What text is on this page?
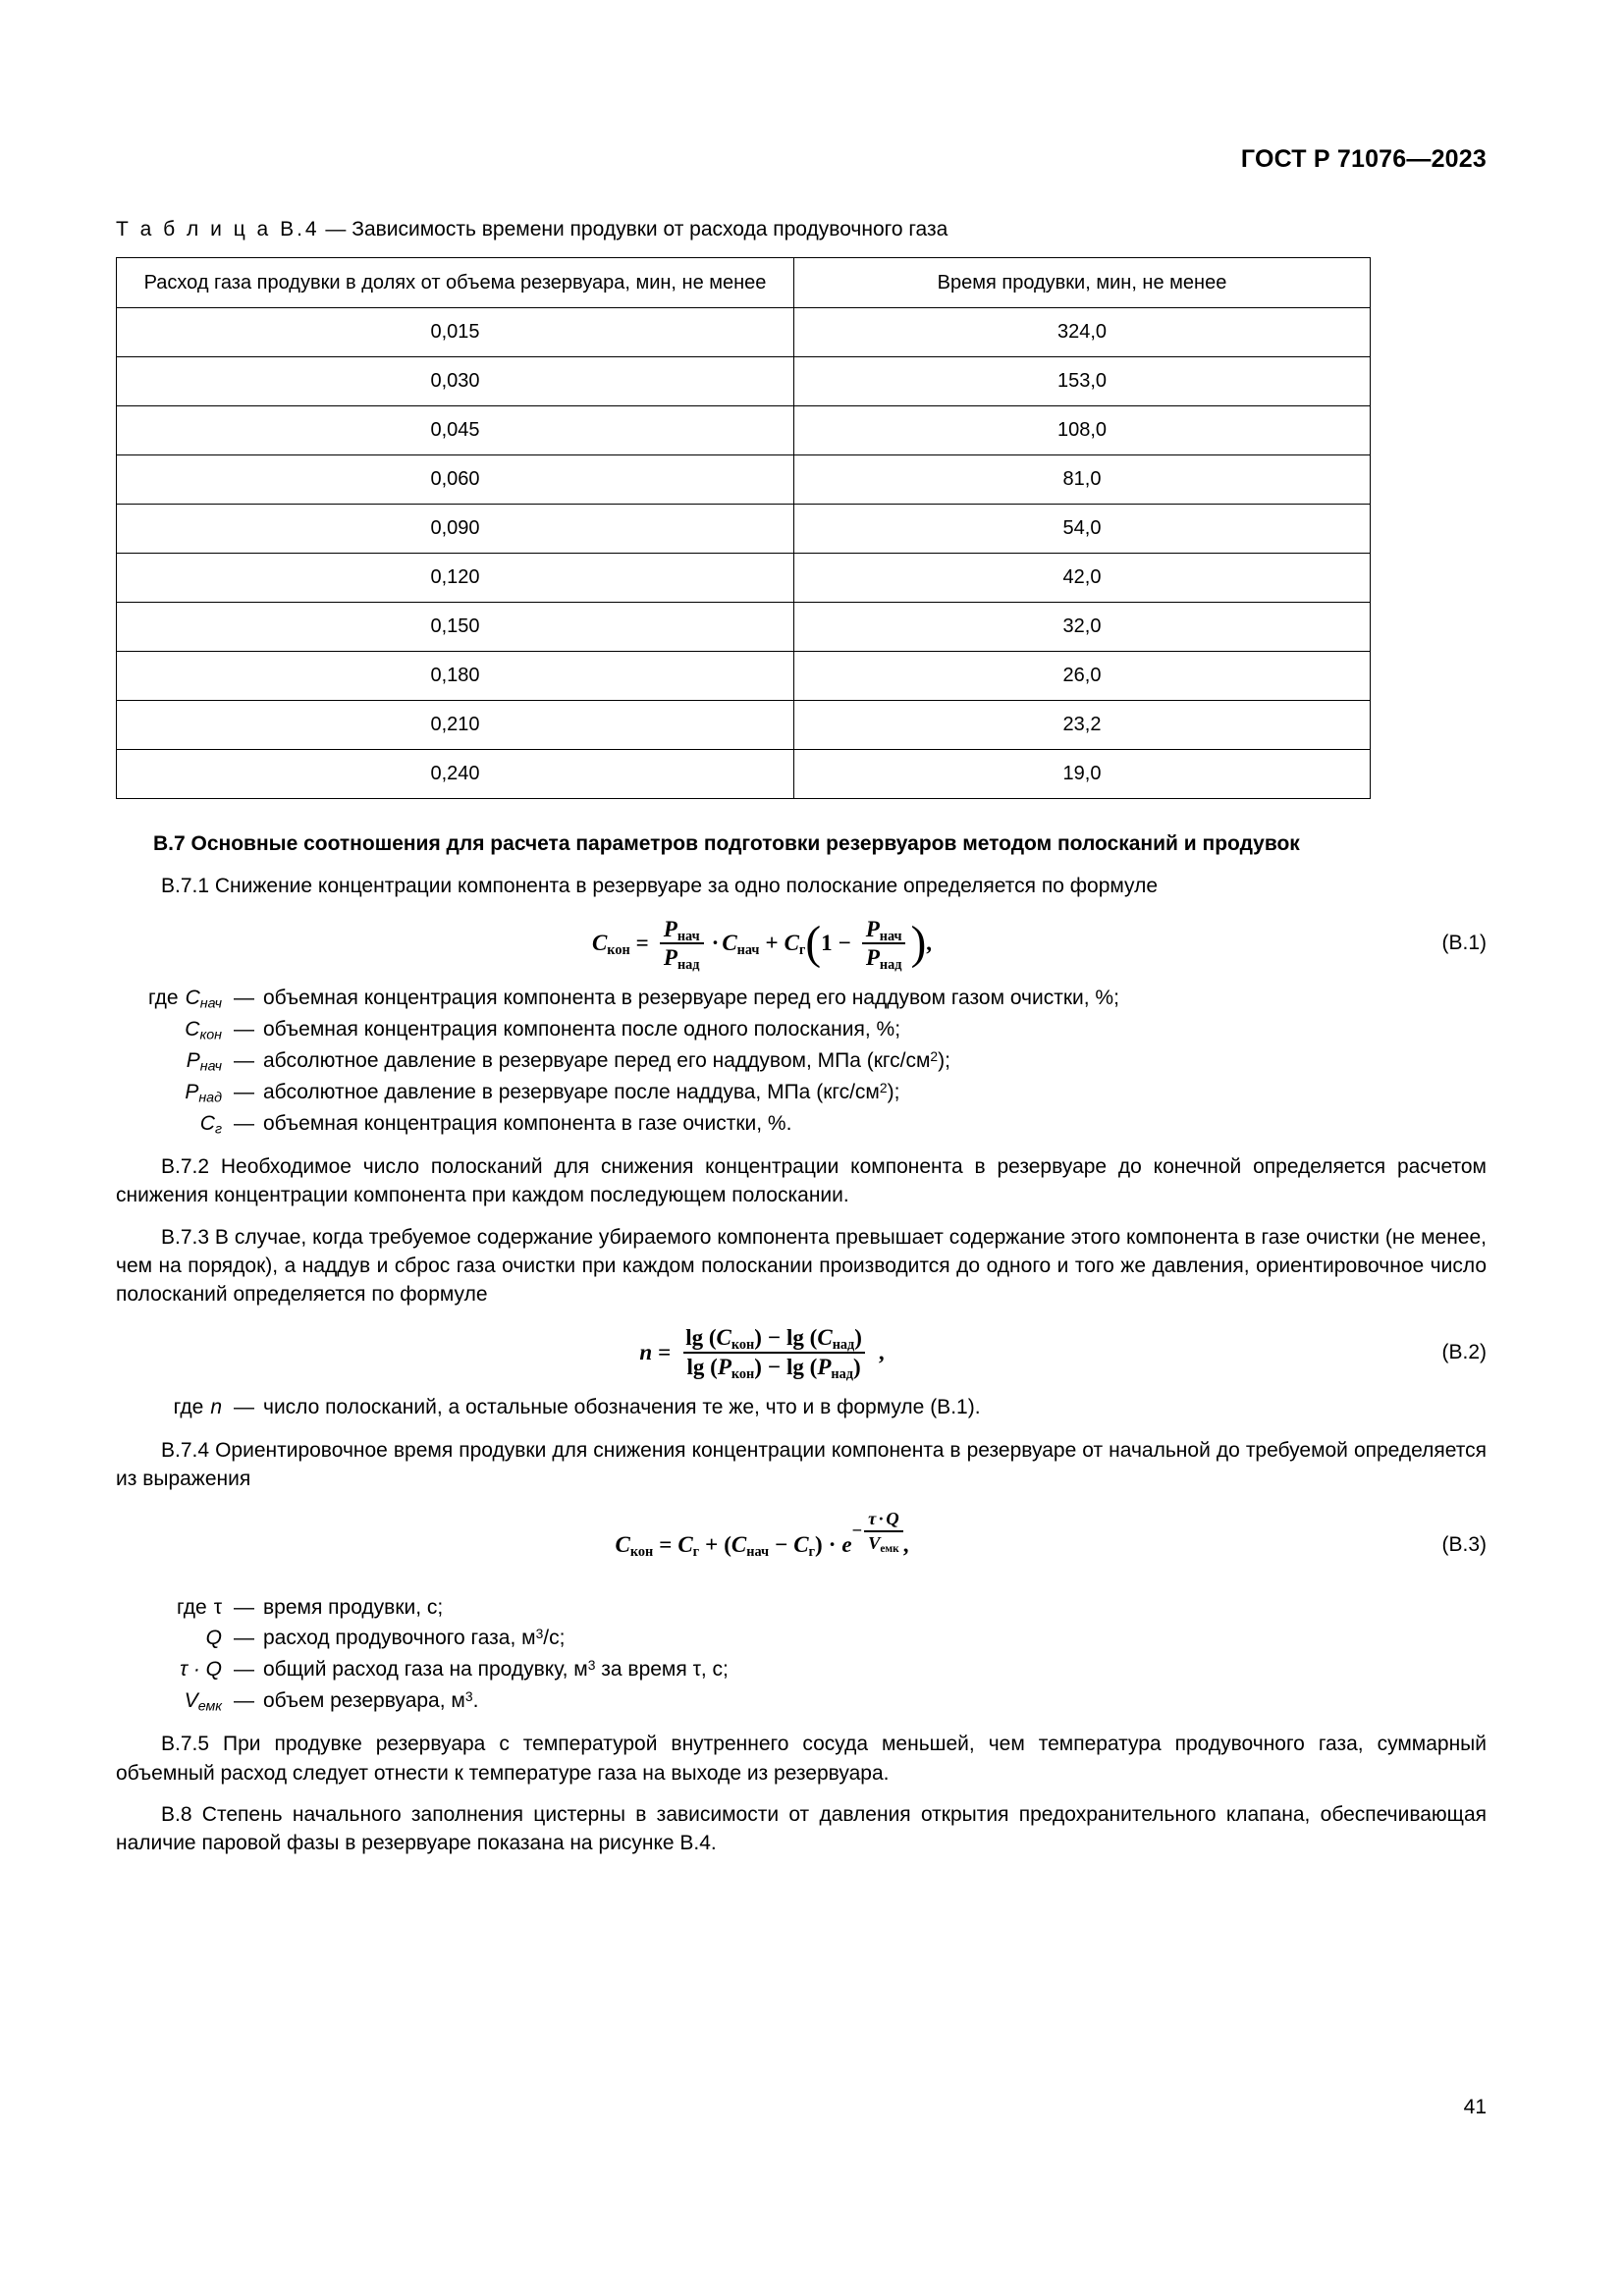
ГОСТ Р 71076—2023
Т а б л и ц а В.4 — Зависимость времени продувки от расхода продувочного газа
Расход газа продувки в долях от объема резервуара, мин, не менее	Время продувки, мин, не менее
0,015	324,0
0,030	153,0
0,045	108,0
0,060	81,0
0,090	54,0
0,120	42,0
0,150	32,0
0,180	26,0
0,210	23,2
0,240	19,0
В.7 Основные соотношения для расчета параметров подготовки резервуаров методом полосканий и продувок

В.7.1 Снижение концентрации компонента в резервуаре за одно полоскание определяется по формуле

$C_{кон} = \frac{P_{нач}}{P_{над}} \cdot C_{нач} + C_г$ ( $1 - \frac{P_{нач}}{P_{над}}$ ) ,	(В.1)
где $C_{нач}$ — объемная концентрация компонента в резервуаре перед его наддувом газом очистки, %;
$C_{кон}$ — объемная концентрация компонента после одного полоскания, %;
$P_{нач}$ — абсолютное давление в резервуаре перед его наддувом, МПа $(кгс/см^2)$;
$P_{над}$ — абсолютное давление в резервуаре после наддува, МПа $(кгс/см^2)$;
$C_г$ — объемная концентрация компонента в газе очистки, %.

В.7.2 Необходимое число полосканий для снижения концентрации компонента в резервуаре до конечной определяется расчетом снижения концентрации компонента при каждом последующем полоскании.

В.7.3 В случае, когда требуемое содержание убираемого компонента превышает содержание этого компонента в газе очистки (не менее, чем на порядок), а наддув и сброс газа очистки при каждом полоскании производится до одного и того же давления, ориентировочное число полосканий определяется по формуле

$n = \frac{\lg (C_{кон}) - \lg (C_{над})}{\lg (P_{кон}) - \lg (P_{над})}$ ,	(В.2)
где n — число полосканий, а остальные обозначения те же, что и в формуле (В.1).

В.7.4 Ориентировочное время продувки для снижения концентрации компонента в резервуаре от начальной до требуемой определяется из выражения

$C_{кон} = C_г$ + ( $C_{нач} - C_г$ ) · e
− $\frac{\tau \cdot Q}{V_{емк}}$ ,	(В.3)
где τ — время продувки, с;
Q — расход продувочного газа, $м^3/с$;
τ · Q — общий расход газа на продувку, $м^3$ за время τ, с;
$V_{емк}$ — объем резервуара, $м^3$.

В.7.5 При продувке резервуара с температурой внутреннего сосуда меньшей, чем температура продувочного газа, суммарный объемный расход следует отнести к температуре газа на выходе из резервуара.

В.8 Степень начального заполнения цистерны в зависимости от давления открытия предохранительного клапана, обеспечивающая наличие паровой фазы в резервуаре показана на рисунке В.4.

41
